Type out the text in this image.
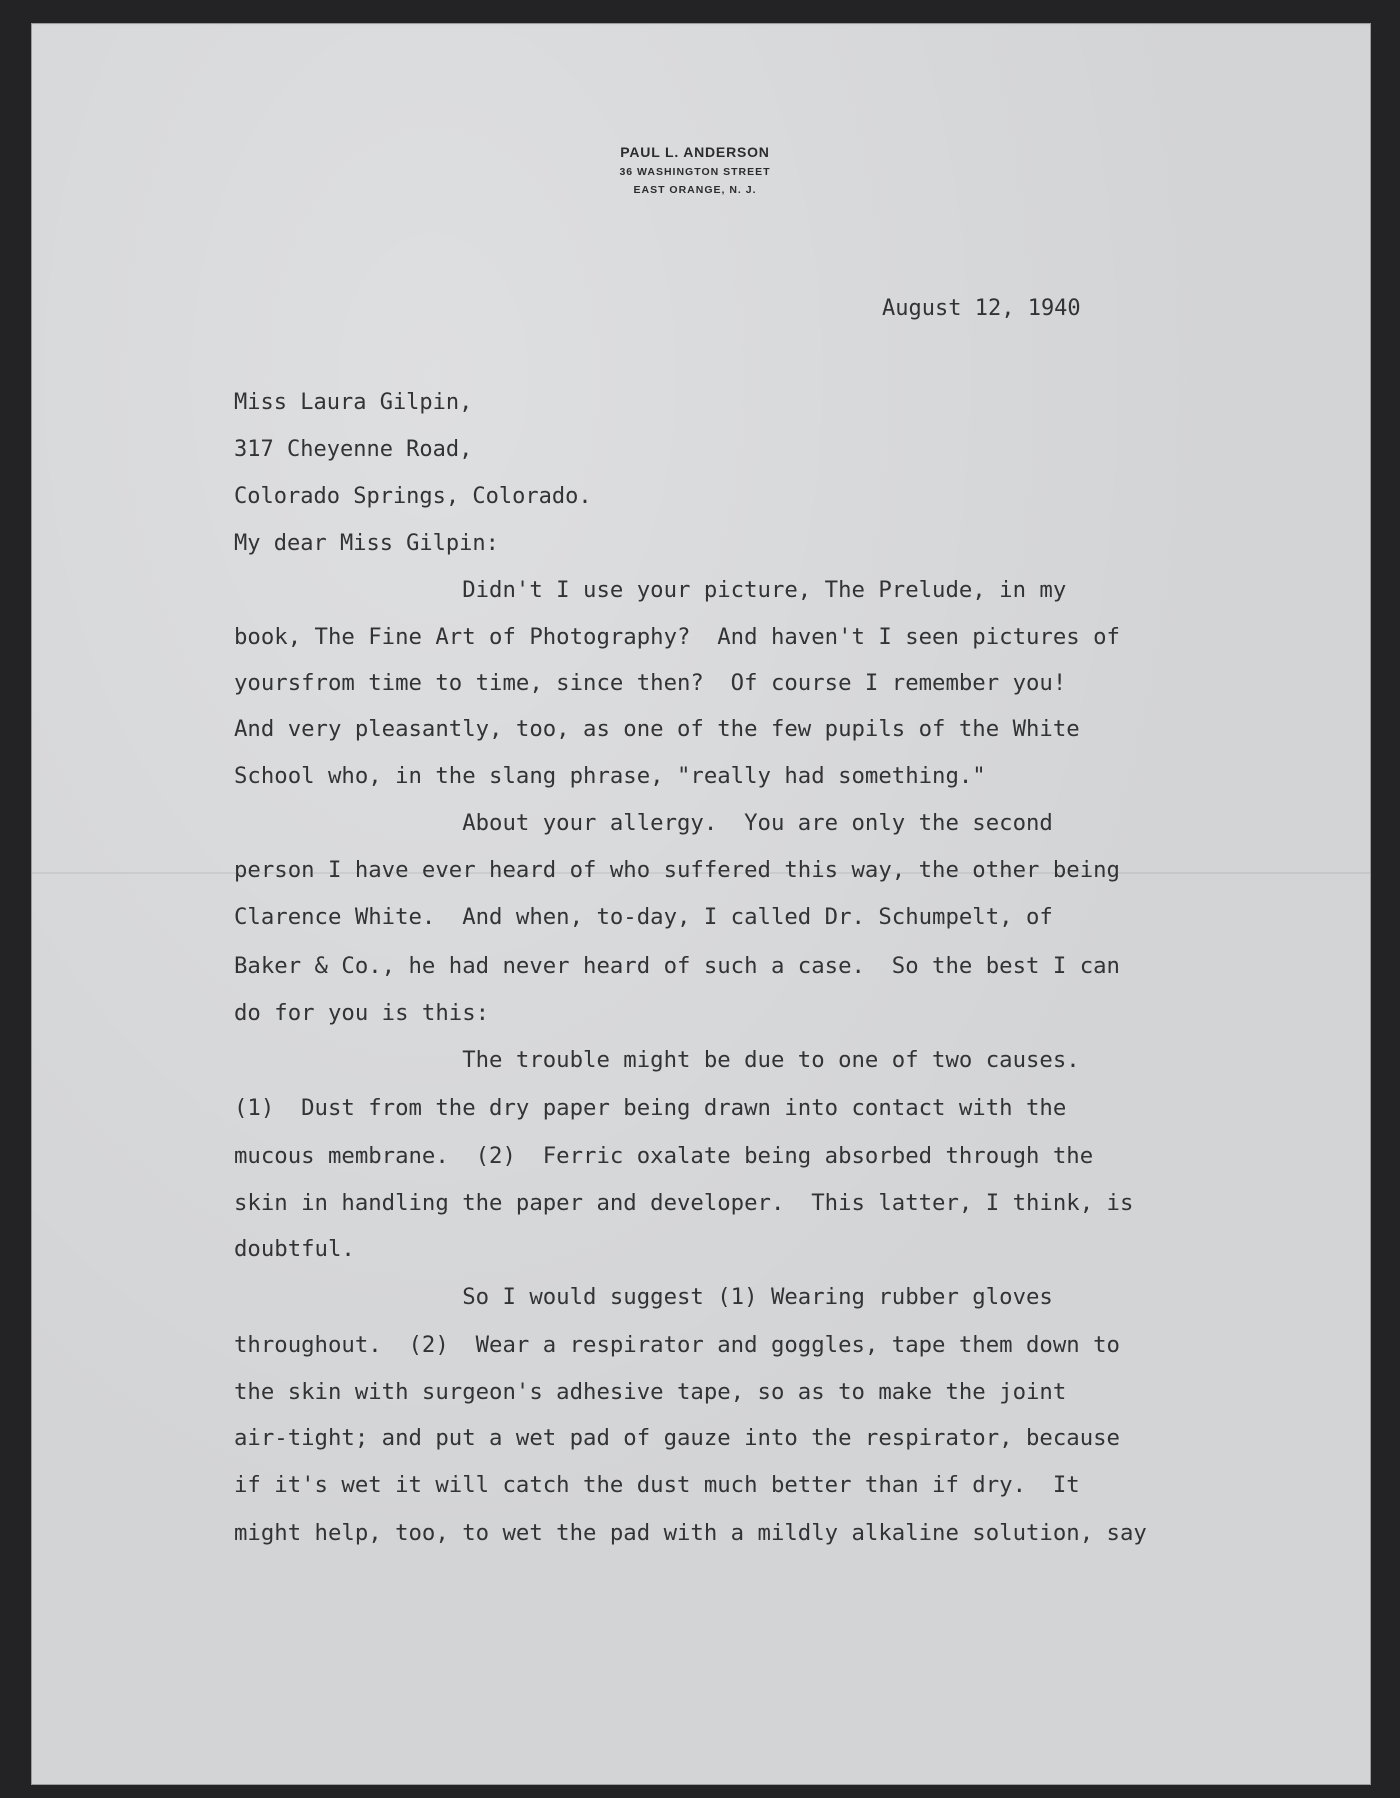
PAUL L. ANDERSON
36 WASHINGTON STREET
EAST ORANGE, N. J.
August 12, 1940
Miss Laura Gilpin,
317 Cheyenne Road,
Colorado Springs, Colorado.
My dear Miss Gilpin:
Didn't I use your picture, The Prelude, in my
book, The Fine Art of Photography?  And haven't I seen pictures of
yoursfrom time to time, since then?  Of course I remember you!
And very pleasantly, too, as one of the few pupils of the White
School who, in the slang phrase, "really had something."
About your allergy.  You are only the second
person I have ever heard of who suffered this way, the other being
Clarence White.  And when, to-day, I called Dr. Schumpelt, of
Baker & Co., he had never heard of such a case.  So the best I can
do for you is this:
The trouble might be due to one of two causes.
(1)  Dust from the dry paper being drawn into contact with the
mucous membrane.  (2)  Ferric oxalate being absorbed through the
skin in handling the paper and developer.  This latter, I think, is
doubtful.
So I would suggest (1) Wearing rubber gloves
throughout.  (2)  Wear a respirator and goggles, tape them down to
the skin with surgeon's adhesive tape, so as to make the joint
air-tight; and put a wet pad of gauze into the respirator, because
if it's wet it will catch the dust much better than if dry.  It
might help, too, to wet the pad with a mildly alkaline solution, say
